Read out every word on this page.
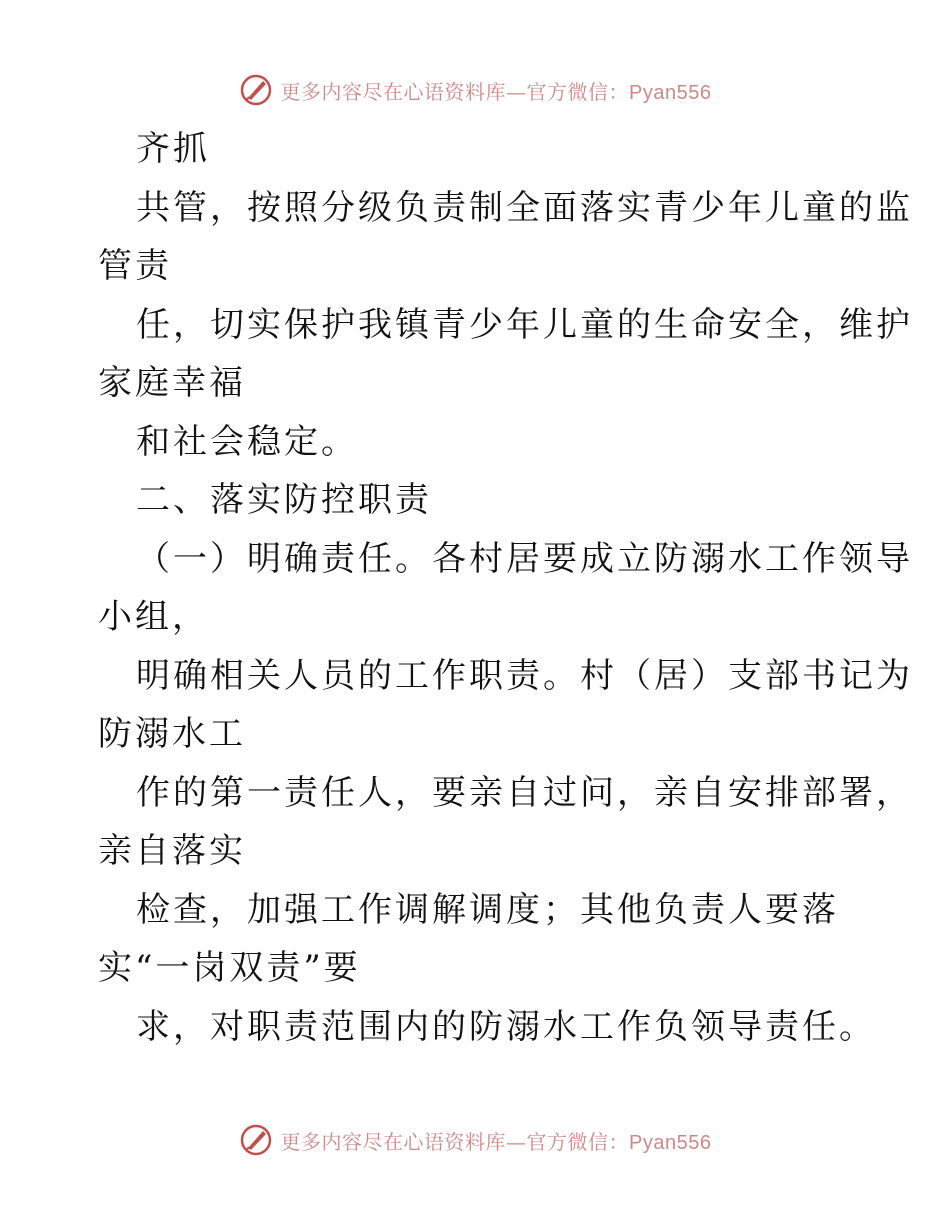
更多内容尽在心语资料库—官方微信：Pyan556
齐抓
共管，按照分级负责制全面落实青少年儿童的监
管责
任，切实保护我镇青少年儿童的生命安全，维护
家庭幸福
和社会稳定。
二、落实防控职责
（一）明确责任。各村居要成立防溺水工作领导
小组，
明确相关人员的工作职责。村（居）支部书记为
防溺水工
作的第一责任人，要亲自过问，亲自安排部署，
亲自落实
检查，加强工作调解调度；其他负责人要落
实“一岗双责”要
求，对职责范围内的防溺水工作负领导责任。
更多内容尽在心语资料库—官方微信：Pyan556
